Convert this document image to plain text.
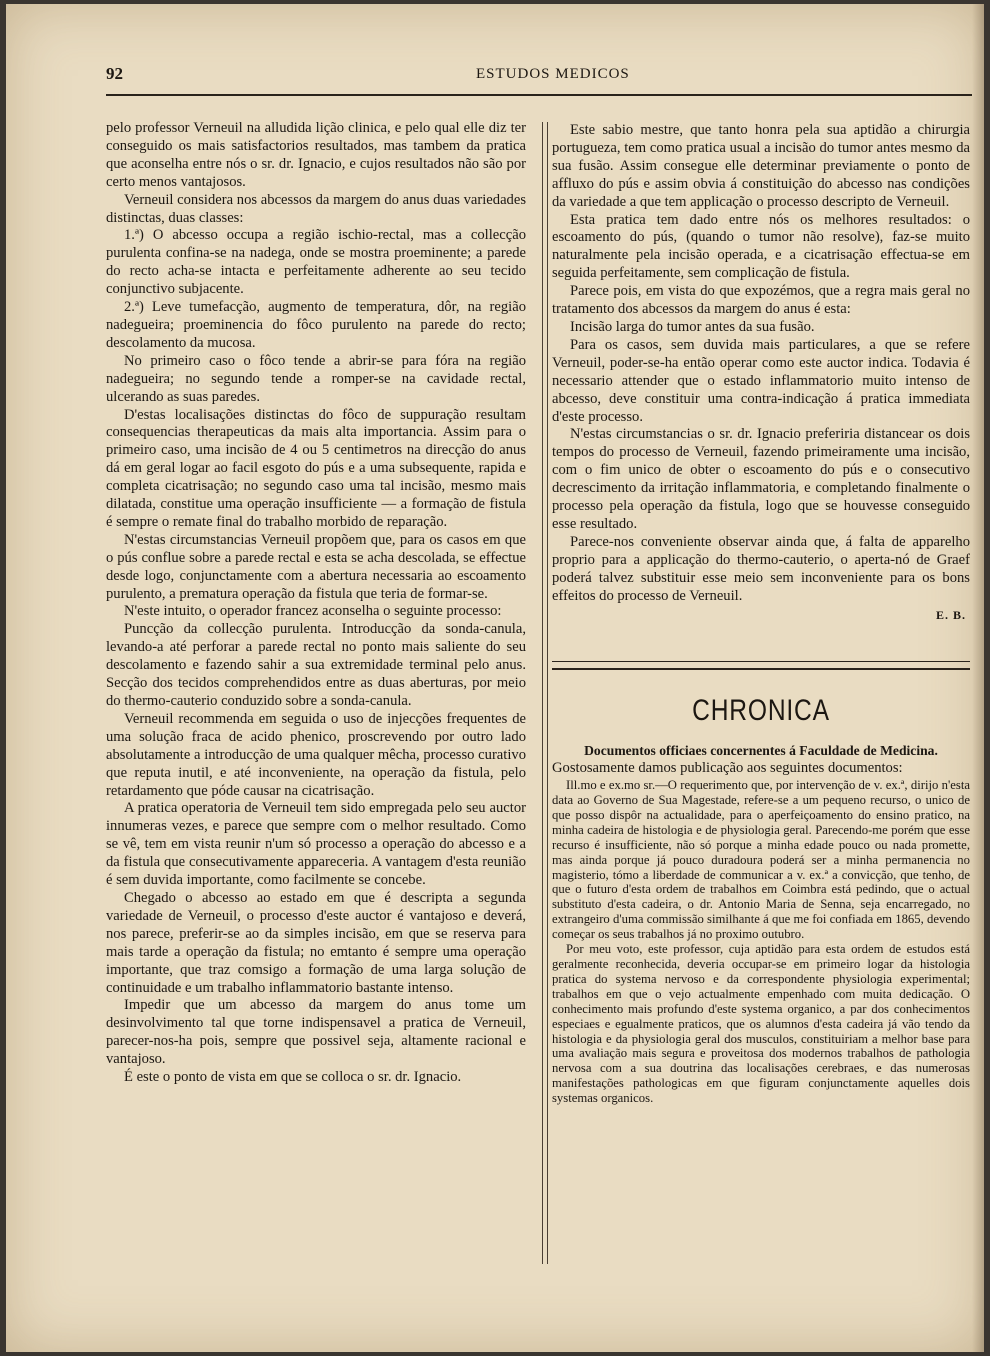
92	ESTUDOS MEDICOS

pelo professor Verneuil na alludida lição clinica, e pelo qual elle diz ter conseguido os mais satisfactorios resultados, mas tambem da pratica que aconselha entre nós o sr. dr. Ignacio, e cujos resultados não são por certo menos vantajosos.

Verneuil considera nos abcessos da margem do anus duas variedades distinctas, duas classes:

1.ª) O abcesso occupa a região ischio-rectal, mas a collecção purulenta confina-se na nadega, onde se mostra proeminente; a parede do recto acha-se intacta e perfeitamente adherente ao seu tecido conjunctivo subjacente.

2.ª) Leve tumefacção, augmento de temperatura, dôr, na região nadegueira; proeminencia do fôco purulento na parede do recto; descolamento da mucosa.

No primeiro caso o fôco tende a abrir-se para fóra na região nadegueira; no segundo tende a romper-se na cavidade rectal, ulcerando as suas paredes.

D'estas localisações distinctas do fôco de suppuração resultam consequencias therapeuticas da mais alta importancia. Assim para o primeiro caso, uma incisão de 4 ou 5 centimetros na direcção do anus dá em geral logar ao facil esgoto do pús e a uma subsequente, rapida e completa cicatrisação; no segundo caso uma tal incisão, mesmo mais dilatada, constitue uma operação insufficiente — a formação de fistula é sempre o remate final do trabalho morbido de reparação.

N'estas circumstancias Verneuil propõem que, para os casos em que o pús conflue sobre a parede rectal e esta se acha descolada, se effectue desde logo, conjunctamente com a abertura necessaria ao escoamento purulento, a prematura operação da fistula que teria de formar-se.

N'este intuito, o operador francez aconselha o seguinte processo:

Puncção da collecção purulenta. Introducção da sonda-canula, levando-a até perforar a parede rectal no ponto mais saliente do seu descolamento e fazendo sahir a sua extremidade terminal pelo anus. Secção dos tecidos comprehendidos entre as duas aberturas, por meio do thermo-cauterio conduzido sobre a sonda-canula.

Verneuil recommenda em seguida o uso de injecções frequentes de uma solução fraca de acido phenico, proscrevendo por outro lado absolutamente a introducção de uma qualquer mêcha, processo curativo que reputa inutil, e até inconveniente, na operação da fistula, pelo retardamento que póde causar na cicatrisação.

A pratica operatoria de Verneuil tem sido empregada pelo seu auctor innumeras vezes, e parece que sempre com o melhor resultado. Como se vê, tem em vista reunir n'um só processo a operação do abcesso e a da fistula que consecutivamente appareceria. A vantagem d'esta reunião é sem duvida importante, como facilmente se concebe.

Chegado o abcesso ao estado em que é descripta a segunda variedade de Verneuil, o processo d'este auctor é vantajoso e deverá, nos parece, preferir-se ao da simples incisão, em que se reserva para mais tarde a operação da fistula; no emtanto é sempre uma operação importante, que traz comsigo a formação de uma larga solução de continuidade e um trabalho inflammatorio bastante intenso.

Impedir que um abcesso da margem do anus tome um desinvolvimento tal que torne indispensavel a pratica de Verneuil, parecer-nos-ha pois, sempre que possivel seja, altamente racional e vantajoso.

É este o ponto de vista em que se colloca o sr. dr. Ignacio.

Este sabio mestre, que tanto honra pela sua aptidão a chirurgia portugueza, tem como pratica usual a incisão do tumor antes mesmo da sua fusão. Assim consegue elle determinar previamente o ponto de affluxo do pús e assim obvia á constituição do abcesso nas condições da variedade a que tem applicação o processo descripto de Verneuil.

Esta pratica tem dado entre nós os melhores resultados: o escoamento do pús, (quando o tumor não resolve), faz-se muito naturalmente pela incisão operada, e a cicatrisação effectua-se em seguida perfeitamente, sem complicação de fistula.

Parece pois, em vista do que expozémos, que a regra mais geral no tratamento dos abcessos da margem do anus é esta:

Incisão larga do tumor antes da sua fusão.

Para os casos, sem duvida mais particulares, a que se refere Verneuil, poder-se-ha então operar como este auctor indica. Todavia é necessario attender que o estado inflammatorio muito intenso de abcesso, deve constituir uma contra-indicação á pratica immediata d'este processo.

N'estas circumstancias o sr. dr. Ignacio preferiria distancear os dois tempos do processo de Verneuil, fazendo primeiramente uma incisão, com o fim unico de obter o escoamento do pús e o consecutivo decrescimento da irritação inflammatoria, e completando finalmente o processo pela operação da fistula, logo que se houvesse conseguido esse resultado.

Parece-nos conveniente observar ainda que, á falta de apparelho proprio para a applicação do thermo-cauterio, o aperta-nó de Graef poderá talvez substituir esse meio sem inconveniente para os bons effeitos do processo de Verneuil.

E. B.
CHRONICA

Documentos officiaes concernentes á Faculdade de Medicina.

Gostosamente damos publicação aos seguintes documentos:

Ill.mo e ex.mo sr.—O requerimento que, por intervenção de v. ex.ª, dirijo n'esta data ao Governo de Sua Magestade, refere-se a um pequeno recurso, o unico de que posso dispôr na actualidade, para o aperfeiçoamento do ensino pratico, na minha cadeira de histologia e de physiologia geral. Parecendo-me porém que esse recurso é insufficiente, não só porque a minha edade pouco ou nada promette, mas ainda porque já pouco duradoura poderá ser a minha permanencia no magisterio, tómo a liberdade de communicar a v. ex.ª a convicção, que tenho, de que o futuro d'esta ordem de trabalhos em Coimbra está pedindo, que o actual substituto d'esta cadeira, o dr. Antonio Maria de Senna, seja encarregado, no extrangeiro d'uma commissão similhante á que me foi confiada em 1865, devendo começar os seus trabalhos já no proximo outubro.

Por meu voto, este professor, cuja aptidão para esta ordem de estudos está geralmente reconhecida, deveria occupar-se em primeiro logar da histologia pratica do systema nervoso e da correspondente physiologia experimental; trabalhos em que o vejo actualmente empenhado com muita dedicação. O conhecimento mais profundo d'este systema organico, a par dos conhecimentos especiaes e egualmente praticos, que os alumnos d'esta cadeira já vão tendo da histologia e da physiologia geral dos musculos, constituiriam a melhor base para uma avaliação mais segura e proveitosa dos modernos trabalhos de pathologia nervosa com a sua doutrina das localisações cerebraes, e das numerosas manifestações pathologicas em que figuram conjunctamente aquelles dois systemas organicos.
